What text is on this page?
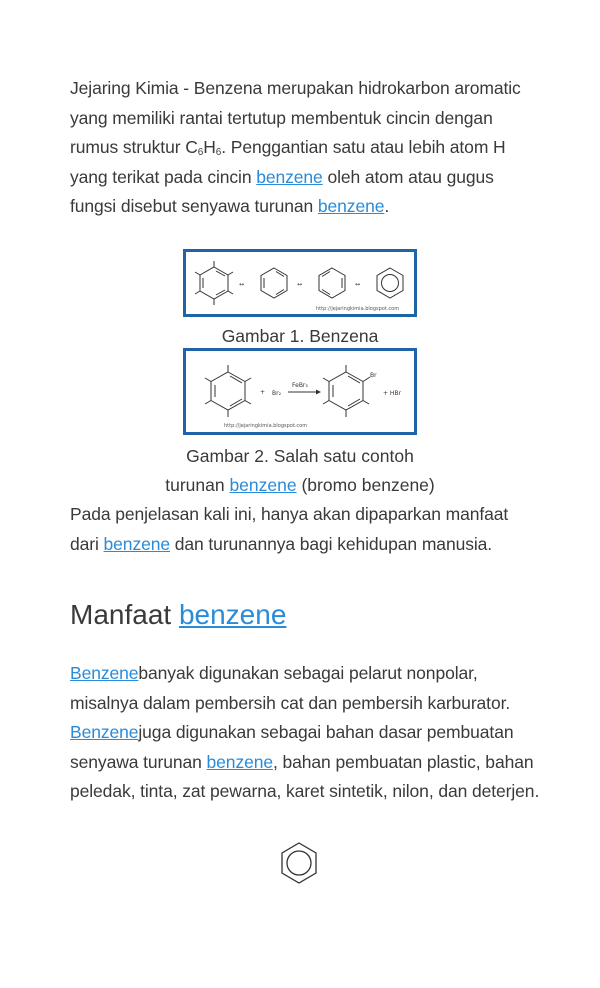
Jejaring Kimia - Benzena merupakan hidrokarbon aromatic yang memiliki rantai tertutup membentuk cincin dengan rumus struktur $C_6H_6$. Penggantian satu atau lebih atom H yang terikat pada cincin benzene oleh atom atau gugus fungsi disebut senyawa turunan benzene.

↔	↔	↔
http://jejaringkimia.blogspot.com
Gambar 1. Benzena
+ Br₂
FeBr₃
Br
+ HBr
http://jejaringkimia.blogspot.com
Gambar 2. Salah satu contoh
turunan benzene (bromo benzene)

Pada penjelasan kali ini, hanya akan dipaparkan manfaat dari benzene dan turunannya bagi kehidupan manusia.

Manfaat benzene

Benzenebanyak digunakan sebagai pelarut nonpolar, misalnya dalam pembersih cat dan pembersih karburator. Benzenejuga digunakan sebagai bahan dasar pembuatan senyawa turunan benzene, bahan pembuatan plastic, bahan peledak, tinta, zat pewarna, karet sintetik, nilon, dan deterjen.
